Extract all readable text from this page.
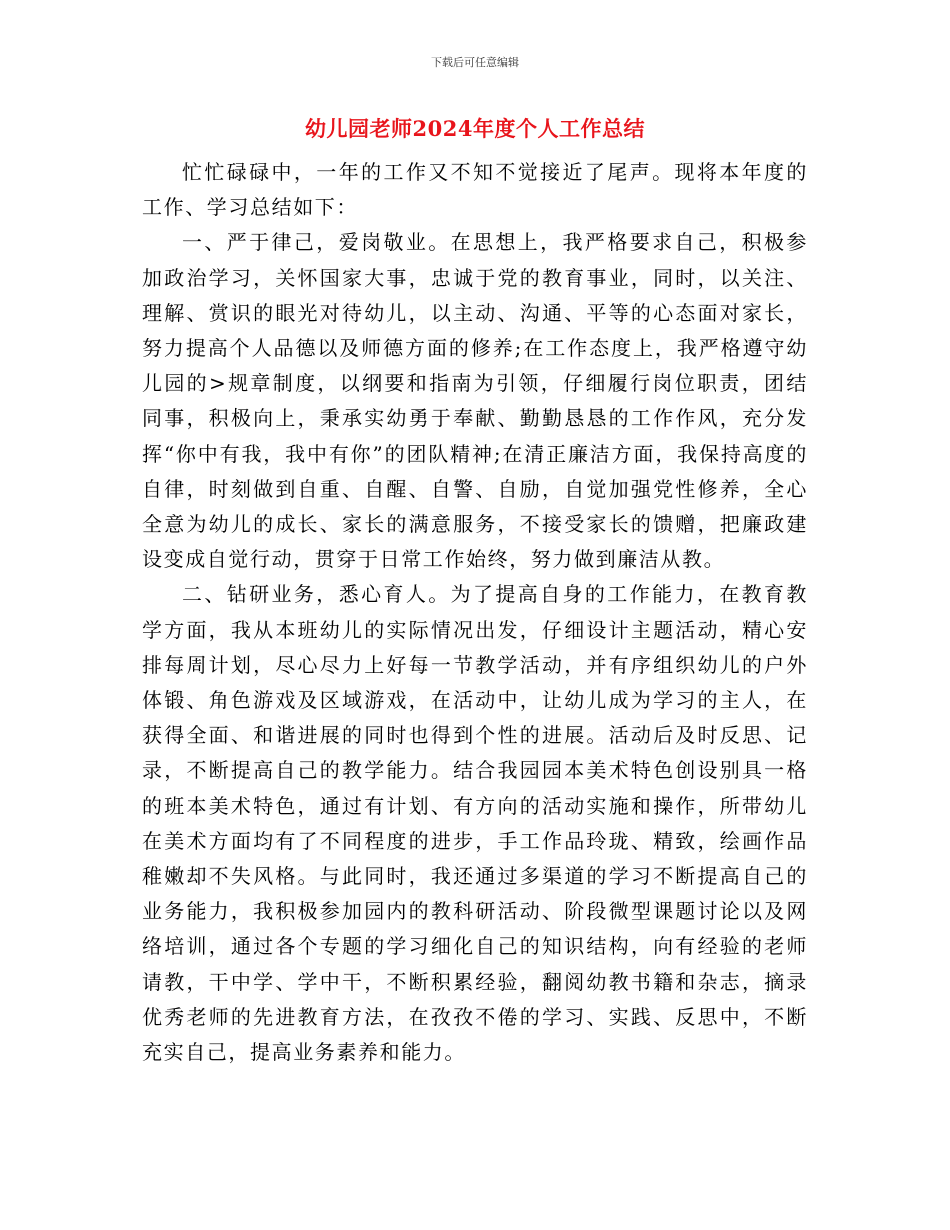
下载后可任意编辑
幼儿园老师2024年度个人工作总结

忙忙碌碌中，一年的工作又不知不觉接近了尾声。现将本年度的工作、学习总结如下：

一、严于律己，爱岗敬业。在思想上，我严格要求自己，积极参加政治学习，关怀国家大事，忠诚于党的教育事业，同时，以关注、理解、赏识的眼光对待幼儿，以主动、沟通、平等的心态面对家长，努力提高个人品德以及师德方面的修养;在工作态度上，我严格遵守幼儿园的>规章制度，以纲要和指南为引领，仔细履行岗位职责，团结同事，积极向上，秉承实幼勇于奉献、勤勤恳恳的工作作风，充分发挥“你中有我，我中有你”的团队精神;在清正廉洁方面，我保持高度的自律，时刻做到自重、自醒、自警、自励，自觉加强党性修养，全心全意为幼儿的成长、家长的满意服务，不接受家长的馈赠，把廉政建设变成自觉行动，贯穿于日常工作始终，努力做到廉洁从教。

二、钻研业务，悉心育人。为了提高自身的工作能力，在教育教学方面，我从本班幼儿的实际情况出发，仔细设计主题活动，精心安排每周计划，尽心尽力上好每一节教学活动，并有序组织幼儿的户外体锻、角色游戏及区域游戏，在活动中，让幼儿成为学习的主人，在获得全面、和谐进展的同时也得到个性的进展。活动后及时反思、记录，不断提高自己的教学能力。结合我园园本美术特色创设别具一格的班本美术特色，通过有计划、有方向的活动实施和操作，所带幼儿在美术方面均有了不同程度的进步，手工作品玲珑、精致，绘画作品稚嫩却不失风格。与此同时，我还通过多渠道的学习不断提高自己的业务能力，我积极参加园内的教科研活动、阶段微型课题讨论以及网络培训，通过各个专题的学习细化自己的知识结构，向有经验的老师请教，干中学、学中干，不断积累经验，翻阅幼教书籍和杂志，摘录优秀老师的先进教育方法，在孜孜不倦的学习、实践、反思中，不断充实自己，提高业务素养和能力。
